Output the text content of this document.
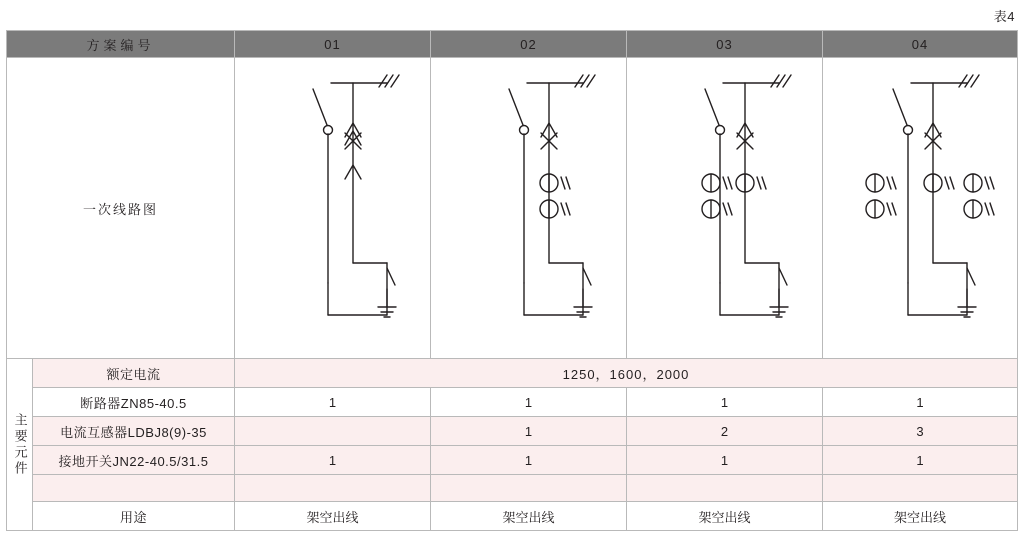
表4
方案编号		01	02	03	04
一次线路图	

主要元件	额定电流	1250，1600，2000			
	断路器ZN85-40.5	1	1	1	1
	电流互感器LDBJ8(9)-35		1	2	3
	接地开关JN22-40.5/31.5	1	1	1	1

	用途	架空出线	架空出线	架空出线	架空出线
